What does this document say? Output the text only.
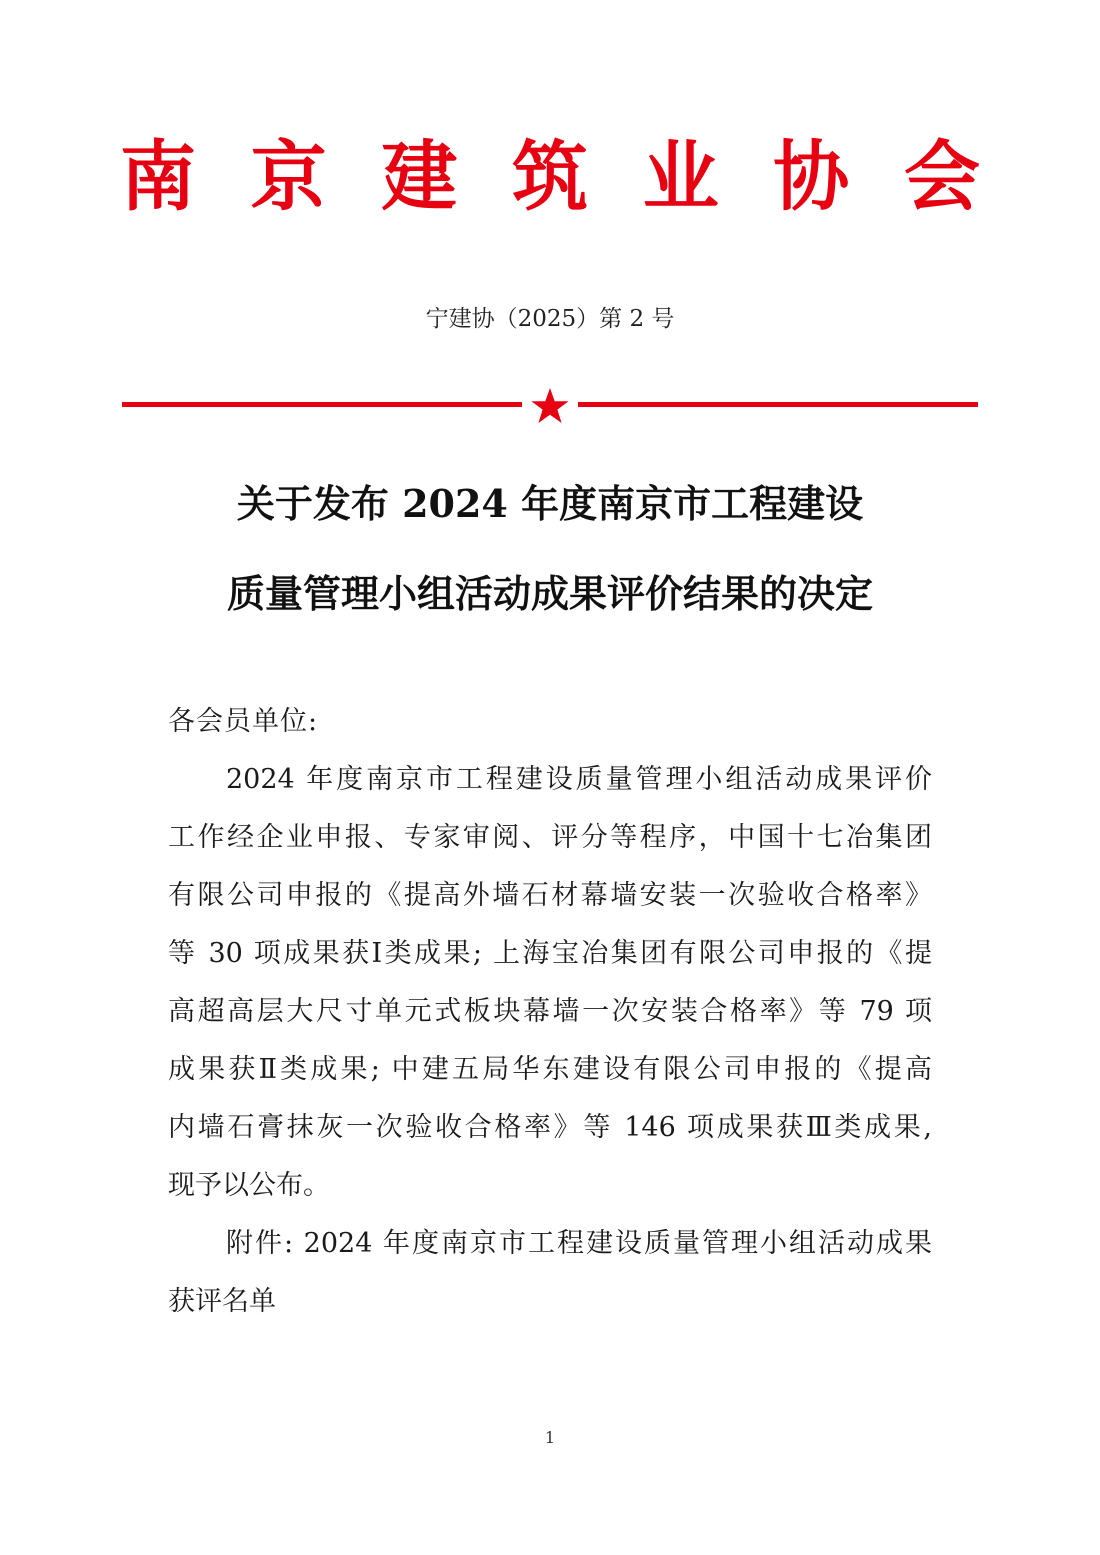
南 京 建 筑 业 协 会
宁建协（2025）第 2 号
关于发布 2024 年度南京市工程建设
质量管理小组活动成果评价结果的决定
各会员单位:
2024 年度南京市工程建设质量管理小组活动成果评价
工作经企业申报、专家审阅、评分等程序，中国十七冶集团
有限公司申报的《提高外墙石材幕墙安装一次验收合格率》
等 30 项成果获Ⅰ类成果; 上海宝冶集团有限公司申报的《提
高超高层大尺寸单元式板块幕墙一次安装合格率》等 79 项
成果获Ⅱ类成果; 中建五局华东建设有限公司申报的《提高
内墙石膏抹灰一次验收合格率》等 146 项成果获Ⅲ类成果,
现予以公布。
附件: 2024 年度南京市工程建设质量管理小组活动成果
获评名单
1
